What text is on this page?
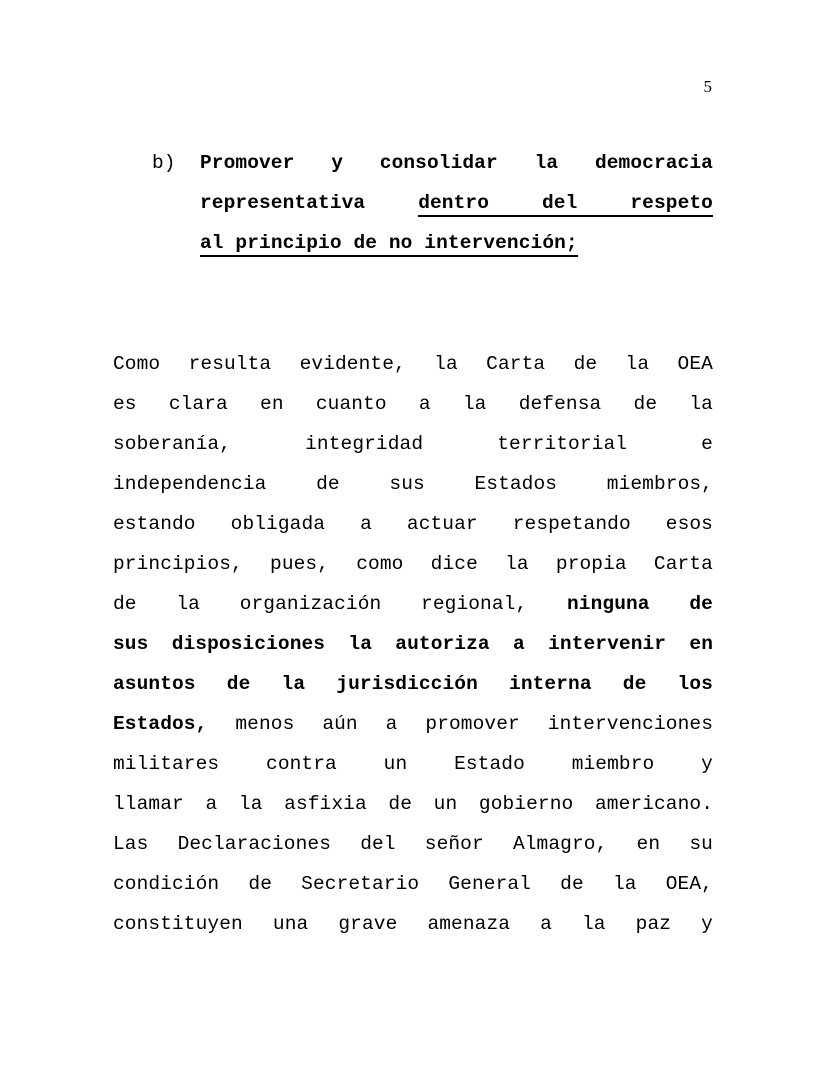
5
b) Promover y consolidar la democracia
representativa	dentro	del	respeto
al principio de no intervención;
Como resulta evidente, la Carta de la OEA
es clara en cuanto a la defensa de la
soberanía,	integridad	territorial	e
independencia	de	sus	Estados	miembros,
estando obligada a actuar respetando esos
principios, pues, como dice la propia Carta
de la organización regional, ninguna de
sus disposiciones la autoriza a intervenir en
asuntos de la jurisdicción interna de los
Estados, menos aún a promover intervenciones
militares contra un Estado miembro y
llamar a la asfixia de un gobierno americano.
Las Declaraciones del señor Almagro, en su
condición de Secretario General de la OEA,
constituyen una grave amenaza a la paz y
